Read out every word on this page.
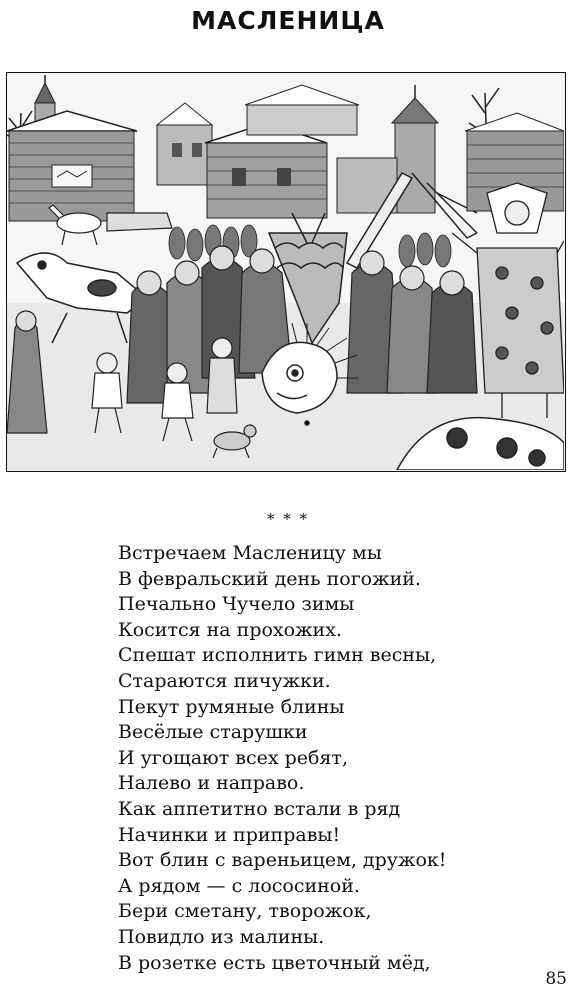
МАСЛЕНИЦА
* * *
Встречаем Масленицу мы
В февральский день погожий.
Печально Чучело зимы
Косится на прохожих.
Спешат исполнить гимн весны,
Стараются пичужки.
Пекут румяные блины
Весёлые старушки
И угощают всех ребят,
Налево и направо.
Как аппетитно встали в ряд
Начинки и приправы!
Вот блин с вареньицем, дружок!
А рядом — с лососиной.
Бери сметану, творожок,
Повидло из малины.
В розетке есть цветочный мёд,
85
